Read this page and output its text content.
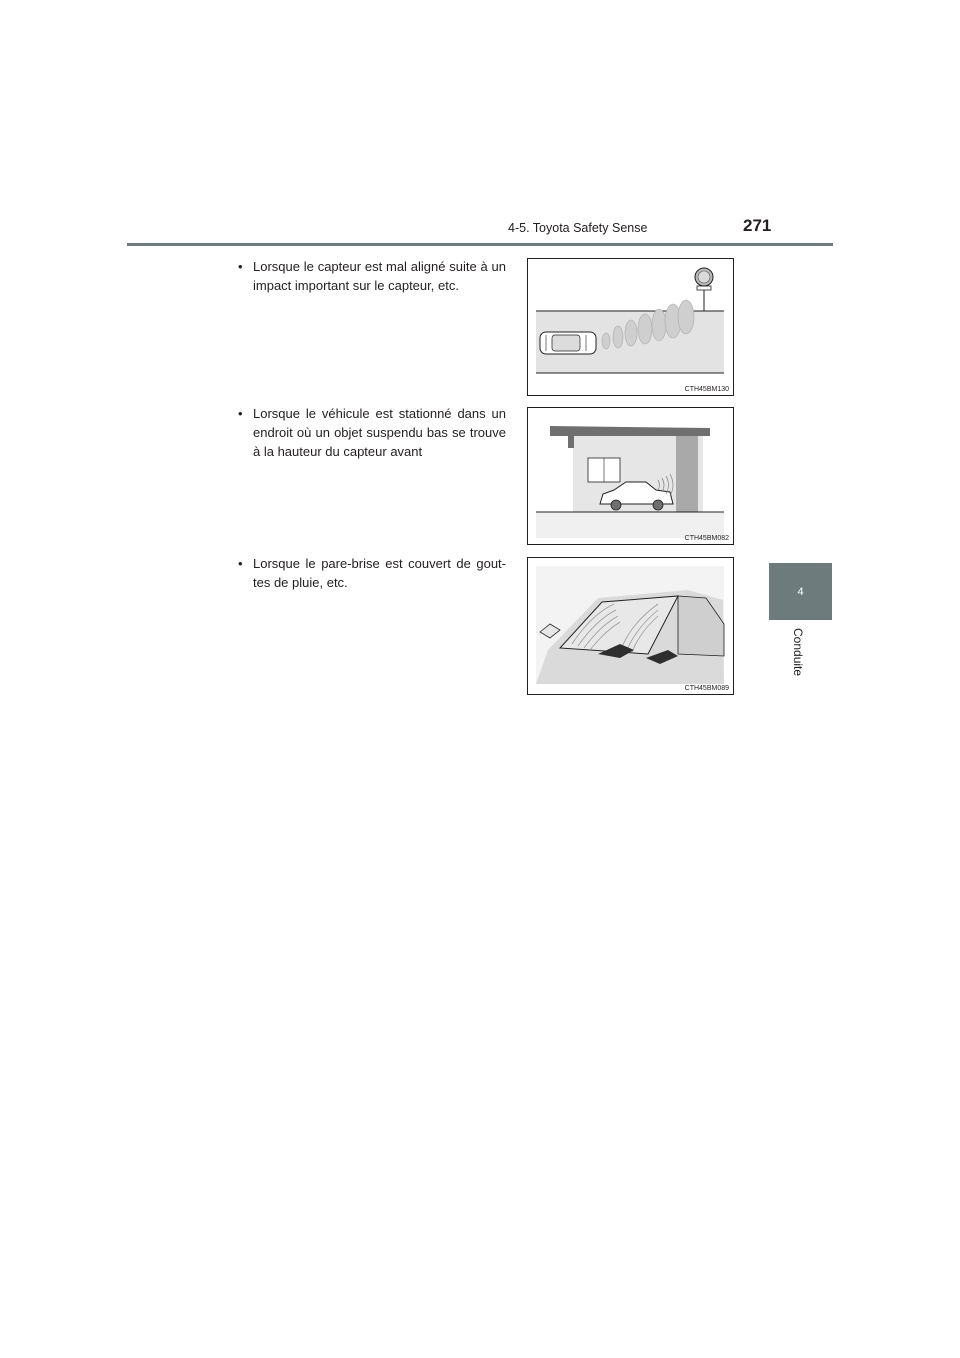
4-5. Toyota Safety Sense	271
4
Conduite
• Lorsque le capteur est mal aligné suite à un impact important sur le capteur, etc.
CTH45BM130
• Lorsque le véhicule est stationné dans un endroit où un objet suspendu bas se trouve à la hauteur du capteur avant
CTH45BM082
• Lorsque le pare-brise est couvert de gout-tes de pluie, etc.
CTH45BM089
